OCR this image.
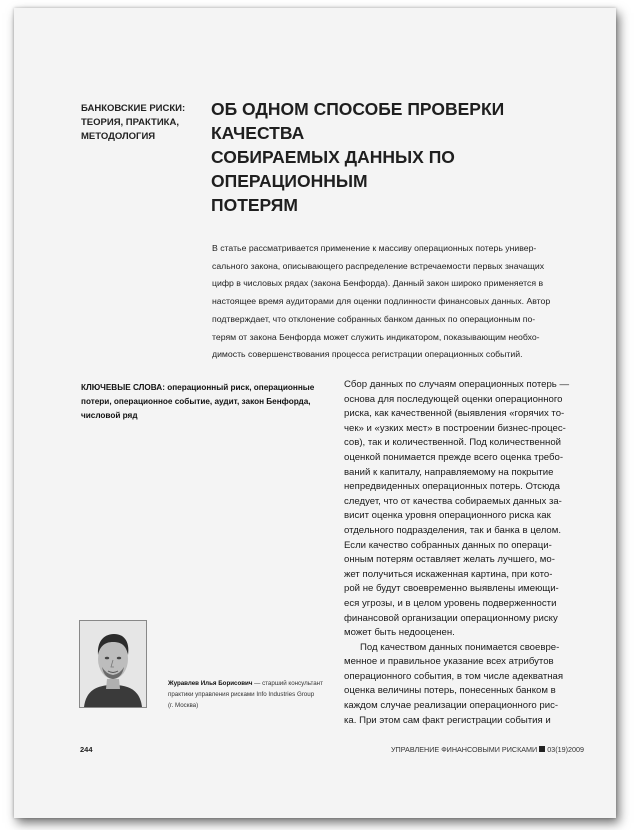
БАНКОВСКИЕ РИСКИ:
ТЕОРИЯ, ПРАКТИКА,
МЕТОДОЛОГИЯ
ОБ ОДНОМ СПОСОБЕ ПРОВЕРКИ КАЧЕСТВА
СОБИРАЕМЫХ ДАННЫХ ПО ОПЕРАЦИОННЫМ
ПОТЕРЯМ
В статье рассматривается применение к массиву операционных потерь универ-
сального закона, описывающего распределение встречаемости первых значащих
цифр в числовых рядах (закона Бенфорда). Данный закон широко применяется в
настоящее время аудиторами для оценки подлинности финансовых данных. Автор
подтверждает, что отклонение собранных банком данных по операционным по-
терям от закона Бенфорда может служить индикатором, показывающим необхо-
димость совершенствования процесса регистрации операционных событий.
КЛЮЧЕВЫЕ СЛОВА: операционный риск, операционные потери, операционное событие, аудит, закон Бенфорда, числовой ряд
Сбор данных по случаям операционных потерь —
основа для последующей оценки операционного
риска, как качественной (выявления «горячих то-
чек» и «узких мест» в построении бизнес-процес-
сов), так и количественной. Под количественной
оценкой понимается прежде всего оценка требо-
ваний к капиталу, направляемому на покрытие
непредвиденных операционных потерь. Отсюда
следует, что от качества собираемых данных за-
висит оценка уровня операционного риска как
отдельного подразделения, так и банка в целом.
Если качество собранных данных по операци-
онным потерям оставляет желать лучшего, мо-
жет получиться искаженная картина, при кото-
рой не будут своевременно выявлены имеющи-
еся угрозы, и в целом уровень подверженности
финансовой организации операционному риску
может быть недооценен.
Под качеством данных понимается своевре-
менное и правильное указание всех атрибутов
операционного события, в том числе адекватная
оценка величины потерь, понесенных банком в
каждом случае реализации операционного рис-
ка. При этом сам факт регистрации события и
Журавлев Илья Борисович — старший консультант
практики управления рисками Info Industries Group
(г. Москва)
244	УПРАВЛЕНИЕ ФИНАНСОВЫМИ РИСКАМИ 03(19)2009
